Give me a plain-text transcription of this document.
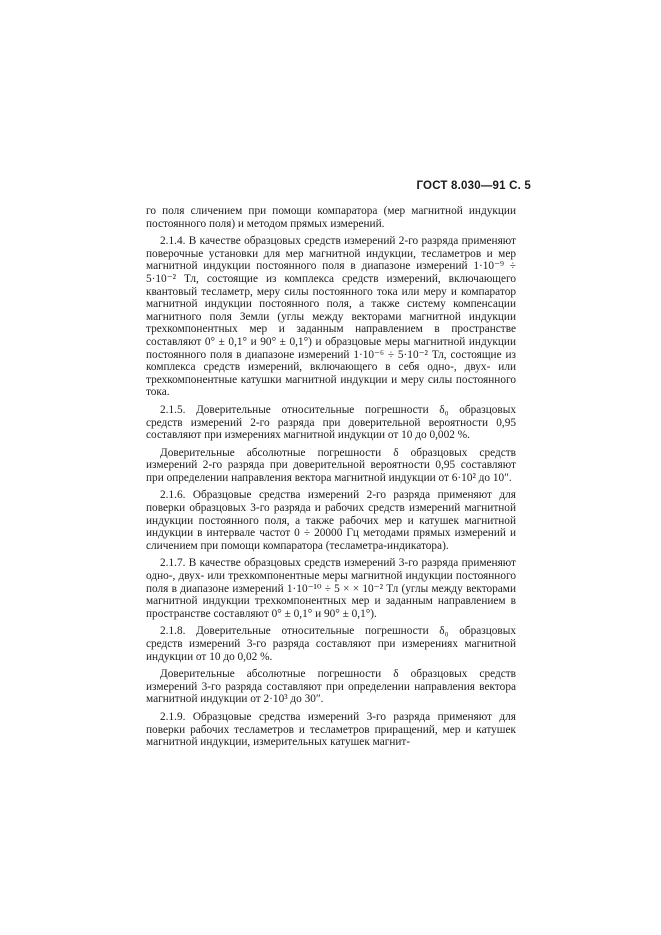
ГОСТ 8.030—91 С. 5

го поля сличением при помощи компаратора (мер магнитной индукции постоянного поля) и методом прямых измерений.

2.1.4. В качестве образцовых средств измерений 2-го разряда применяют поверочные установки для мер магнитной индукции, тесламетров и мер магнитной индукции постоянного поля в диапазоне измерений 1·10⁻⁹ ÷ 5·10⁻² Тл, состоящие из комплекса средств измерений, включающего квантовый тесламетр, меру силы постоянного тока или меру и компаратор магнитной индукции постоянного поля, а также систему компенсации магнитного поля Земли (углы между векторами магнитной индукции трехкомпонентных мер и заданным направлением в пространстве составляют 0° ± 0,1° и 90° ± 0,1°) и образцовые меры магнитной индукции постоянного поля в диапазоне измерений 1·10⁻⁶ ÷ 5·10⁻² Тл, состоящие из комплекса средств измерений, включающего в себя одно-, двух- или трехкомпонентные катушки магнитной индукции и меру силы постоянного тока.

2.1.5. Доверительные относительные погрешности δ₀ образцовых средств измерений 2-го разряда при доверительной вероятности 0,95 составляют при измерениях магнитной индукции от 10 до 0,002 %.

Доверительные абсолютные погрешности δ образцовых средств измерений 2-го разряда при доверительной вероятности 0,95 составляют при определении направления вектора магнитной индукции от 6·10² до 10″.

2.1.6. Образцовые средства измерений 2-го разряда применяют для поверки образцовых 3-го разряда и рабочих средств измерений магнитной индукции постоянного поля, а также рабочих мер и катушек магнитной индукции в интервале частот 0 ÷ 20000 Гц методами прямых измерений и сличением при помощи компаратора (тесламетра-индикатора).

2.1.7. В качестве образцовых средств измерений 3-го разряда применяют одно-, двух- или трехкомпонентные меры магнитной индукции постоянного поля в диапазоне измерений 1·10⁻¹⁰ ÷ 5 × × 10⁻² Тл (углы между векторами магнитной индукции трехкомпонентных мер и заданным направлением в пространстве составляют 0° ± 0,1° и 90° ± 0,1°).

2.1.8. Доверительные относительные погрешности δ₀ образцовых средств измерений 3-го разряда составляют при измерениях магнитной индукции от 10 до 0,02 %.

Доверительные абсолютные погрешности δ образцовых средств измерений 3-го разряда составляют при определении направления вектора магнитной индукции от 2·10³ до 30″.

2.1.9. Образцовые средства измерений 3-го разряда применяют для поверки рабочих тесламетров и тесламетров приращений, мер и катушек магнитной индукции, измерительных катушек магнит-
